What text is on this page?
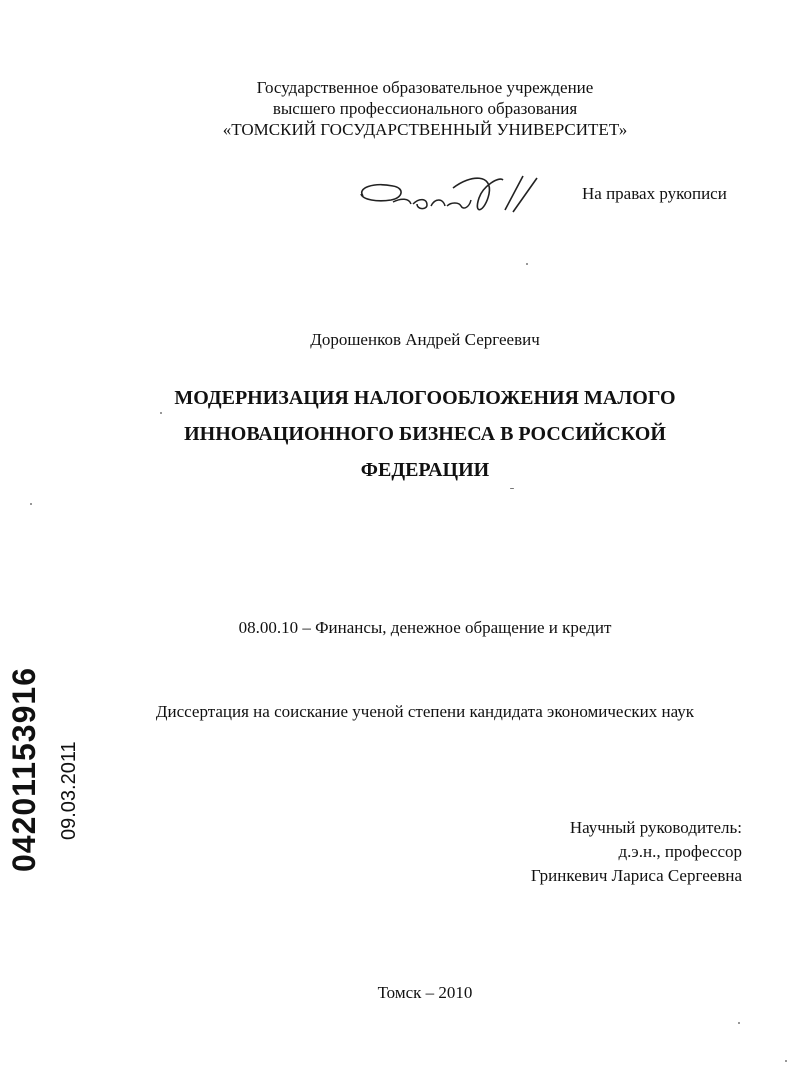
Государственное образовательное учреждение
высшего профессионального образования
«ТОМСКИЙ ГОСУДАРСТВЕННЫЙ УНИВЕРСИТЕТ»
На правах рукописи
Дорошенков Андрей Сергеевич
МОДЕРНИЗАЦИЯ НАЛОГООБЛОЖЕНИЯ МАЛОГО
ИННОВАЦИОННОГО БИЗНЕСА В РОССИЙСКОЙ
ФЕДЕРАЦИИ
08.00.10 – Финансы, денежное обращение и кредит
Диссертация на соискание ученой степени кандидата экономических наук
Научный руководитель:
д.э.н., профессор
Гринкевич Лариса Сергеевна
Томск – 2010
04201153916 09.03.2011
